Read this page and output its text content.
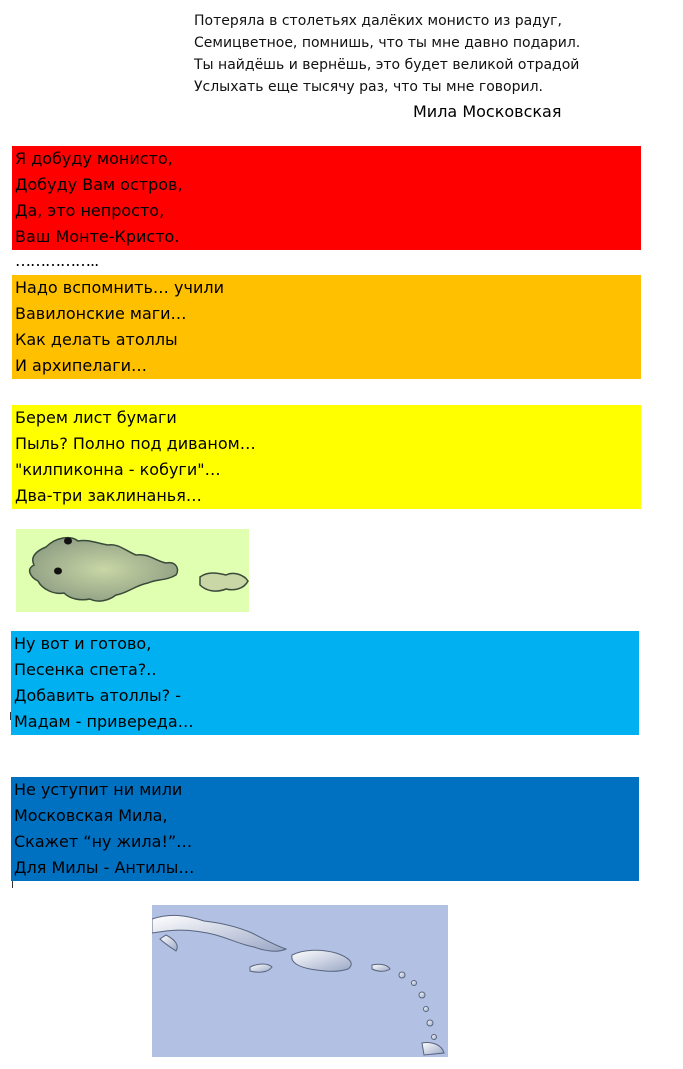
Потеряла в столетьях далёких монисто из радуг,
Семицветное, помнишь, что ты мне давно подарил.
Ты найдёшь и вернёшь, это будет великой отрадой
Услыхать еще тысячу раз, что ты мне говорил.
Мила Московская
Я добуду монисто,
Добуду Вам остров,
Да, это непросто,
Ваш Монте-Кристо.
……………..
Надо вспомнить… учили
Вавилонские маги…
Как делать атоллы
И архипелаги…
Берем лист бумаги
Пыль? Полно под диваном…
"килпиконна - кобуги"…
Два-три заклинанья…
Ну вот и готово,
Песенка спета?..
Добавить атоллы? -
Мадам - привереда…
Не уступит ни мили
Московская Мила,
Скажет “ну жила!”…
Для Милы - Антилы…
